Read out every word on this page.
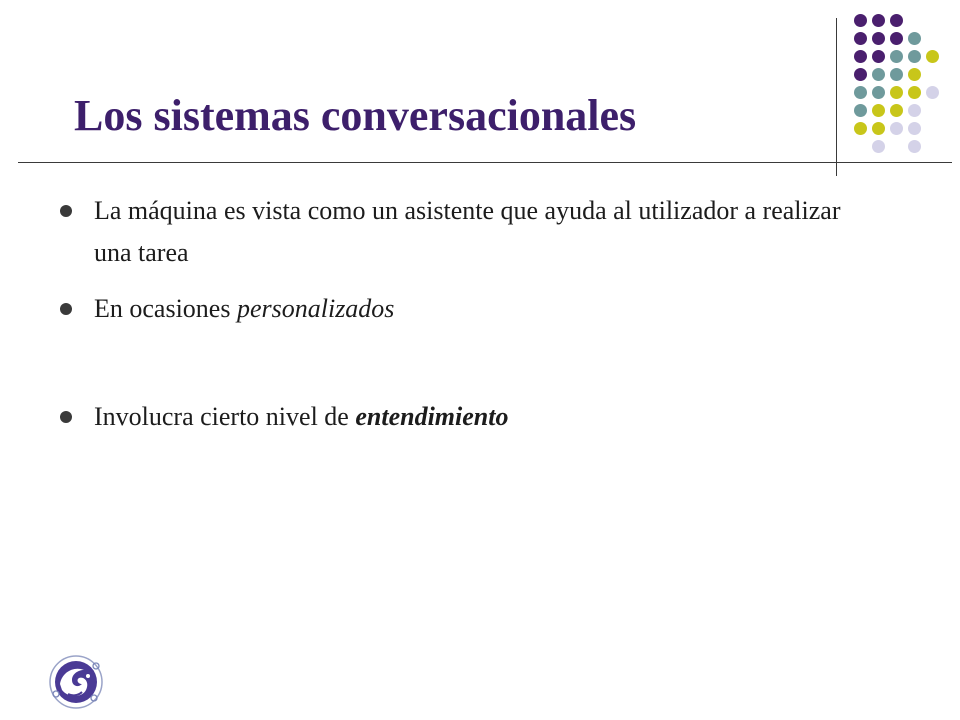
Los sistemas conversacionales
La máquina es vista como un asistente que ayuda al utilizador a realizar una tarea
En ocasiones personalizados
Involucra cierto nivel de entendimiento
